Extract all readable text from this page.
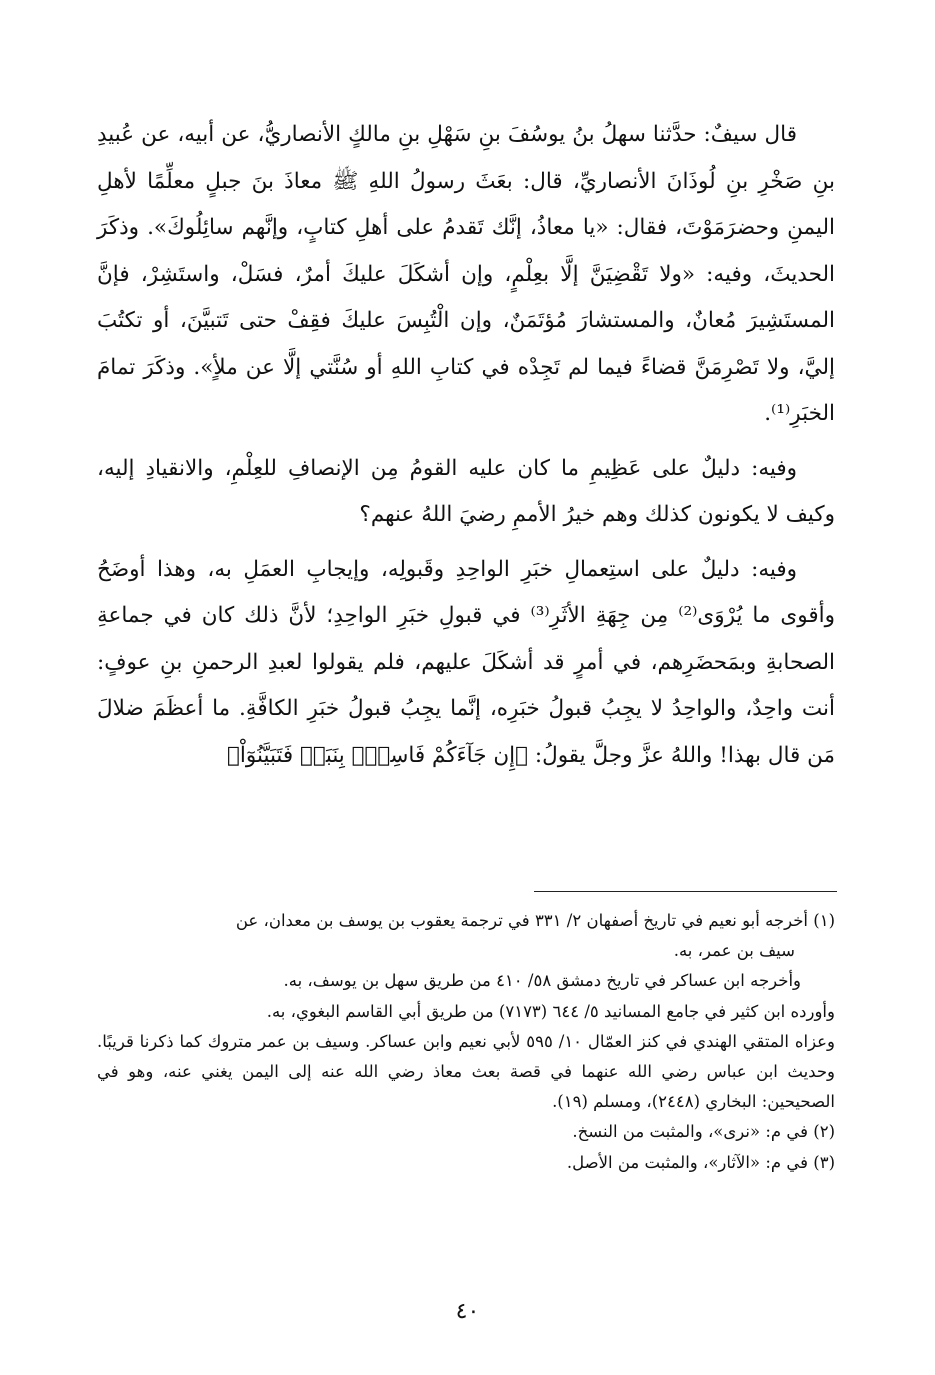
قال سيفٌ: حدَّثنا سهلُ بنُ يوسُفَ بنِ سَهْلِ بنِ مالكٍ الأنصاريُّ، عن أبيه، عن عُبيدِ بنِ صَخْرِ بنِ لُوذَانَ الأنصاريِّ، قال: بعَثَ رسولُ اللهِ ﷺ معاذَ بنَ جبلٍ معلِّمًا لأهلِ اليمنِ وحضرَمَوْتَ، فقال: «يا معاذُ، إنَّك تَقدمُ على أهلِ كتابٍ، وإنَّهم سائِلُوكَ». وذكَرَ الحديثَ، وفيه: «ولا تَقْضِيَنَّ إلَّا بعِلْمٍ، وإن أشكَلَ عليكَ أمرٌ، فسَلْ، واستَشِرْ، فإنَّ المستَشِيرَ مُعانٌ، والمستشارَ مُؤتَمَنٌ، وإن الْتُبِسَ عليكَ فقِفْ حتى تَتبيَّنَ، أو تكتُبَ إليَّ، ولا تَصْرِمَنَّ قضاءً فيما لم تَجِدْه في كتابِ اللهِ أو سُنَّتي إلَّا عن ملأٍ». وذكَرَ تمامَ الخبَرِ⁽¹⁾.

وفيه: دليلٌ على عَظِيمِ ما كان عليه القومُ مِن الإنصافِ للعِلْمِ، والانقيادِ إليه، وكيف لا يكونون كذلك وهم خيرُ الأممِ رضيَ اللهُ عنهم؟

وفيه: دليلٌ على استِعمالِ خبَرِ الواحِدِ وقَبولِه، وإيجابِ العمَلِ به، وهذا أوضَحُ وأقوى ما يُرْوَى⁽²⁾ مِن جِهَةِ الأثَرِ⁽³⁾ في قبولِ خبَرِ الواحِدِ؛ لأنَّ ذلك كان في جماعةِ الصحابةِ وبمَحضَرِهم، في أمرٍ قد أشكَلَ عليهم، فلم يقولوا لعبدِ الرحمنِ بنِ عوفٍ: أنت واحِدٌ، والواحِدُ لا يجِبُ قبولُ خبَرِه، إنَّما يجِبُ قبولُ خبَرِ الكافَّةِ. ما أعظَمَ ضلالَ مَن قال بهذا! واللهُ عزَّ وجلَّ يقولُ: ﴿إِن جَآءَكُمْ فَاسِقُۢ بِنَبَإٖ فَتَبَيَّنُوٓاْ﴾

(١) أخرجه أبو نعيم في تاريخ أصفهان ٢/ ٣٣١ في ترجمة يعقوب بن يوسف بن معدان، عن

سيف بن عمر، به.

وأخرجه ابن عساكر في تاريخ دمشق ٥٨/ ٤١٠ من طريق سهل بن يوسف، به.

وأورده ابن كثير في جامع المسانيد ٥/ ٦٤٤ (٧١٧٣) من طريق أبي القاسم البغوي، به.

وعزاه المتقي الهندي في كنز العمّال ١٠/ ٥٩٥ لأبي نعيم وابن عساكر. وسيف بن عمر متروك كما ذكرنا قريبًا. وحديث ابن عباس رضي الله عنهما في قصة بعث معاذ رضي الله عنه إلى اليمن يغني عنه، وهو في الصحيحين: البخاري (٢٤٤٨)، ومسلم (١٩).

(٢) في م: «نرى»، والمثبت من النسخ.

(٣) في م: «الآثار»، والمثبت من الأصل.

٤٠
